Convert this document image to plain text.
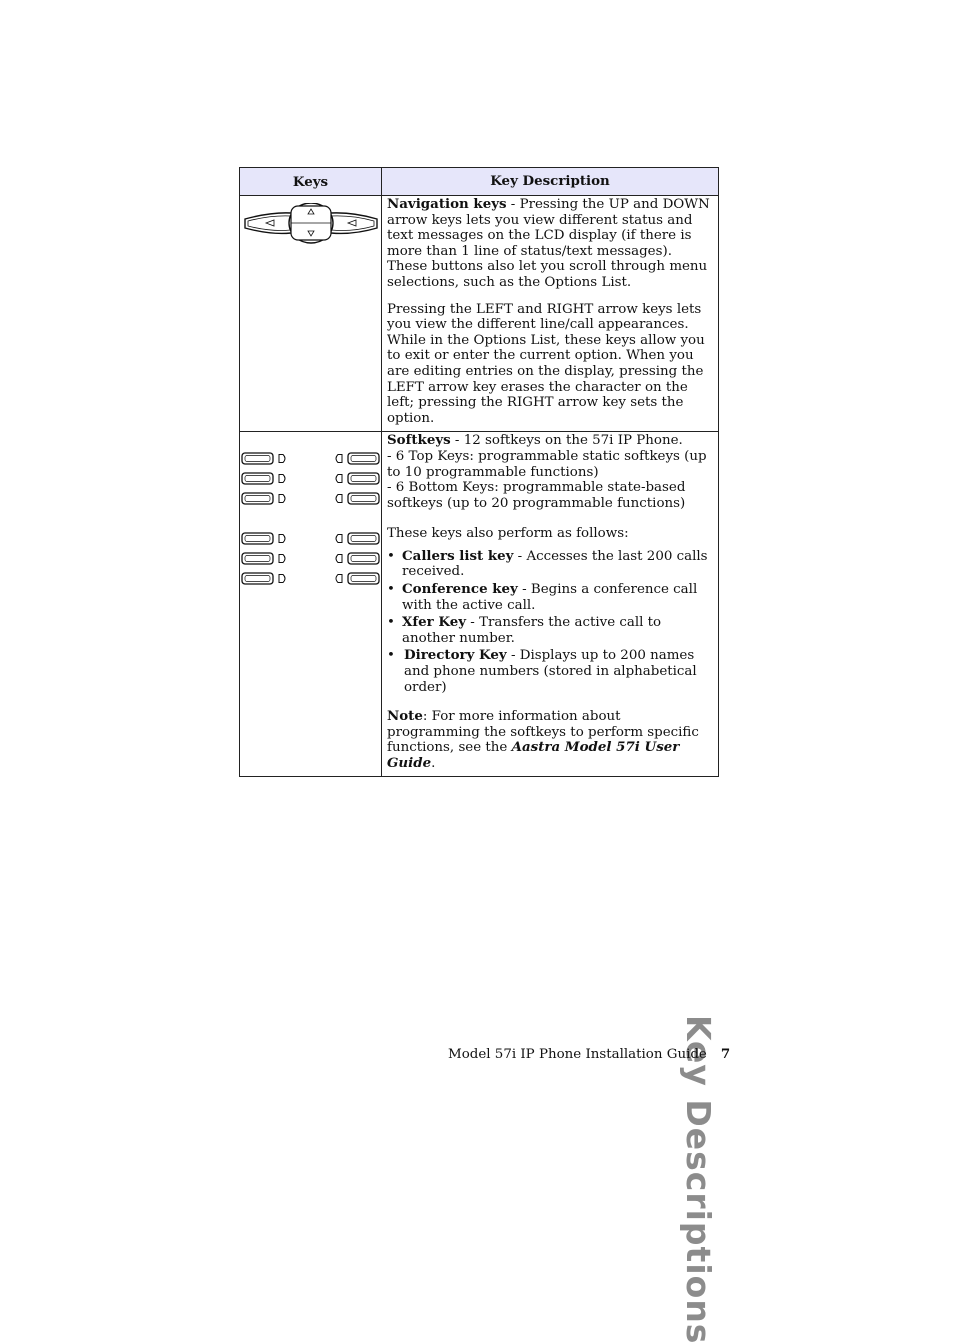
Keys	Key Description

Navigation keys - Pressing the UP and DOWN arrow keys lets you view different status and text messages on the LCD display (if there is more than 1 line of status/text messages). These buttons also let you scroll through menu selections, such as the Options List.

Pressing the LEFT and RIGHT arrow keys lets you view the different line/call appearances. While in the Options List, these keys allow you to exit or enter the current option. When you are editing entries on the display, pressing the LEFT arrow key erases the character on the left; pressing the RIGHT arrow key sets the option.

Softkeys - 12 softkeys on the 57i IP Phone.

- 6 Top Keys: programmable static softkeys (up to 10 programmable functions)

- 6 Bottom Keys: programmable state-based softkeys (up to 20 programmable functions)

These keys also perform as follows:

• Callers list key - Accesses the last 200 calls received.
• Conference key - Begins a conference call with the active call.
• Xfer Key - Transfers the active call to another number.
• Directory Key - Displays up to 200 names and phone numbers (stored in alphabetical order)

Note: For more information about programming the softkeys to perform specific functions, see the Aastra Model 57i User Guide.

Key Descriptions
Model 57i IP Phone Installation Guide 7
